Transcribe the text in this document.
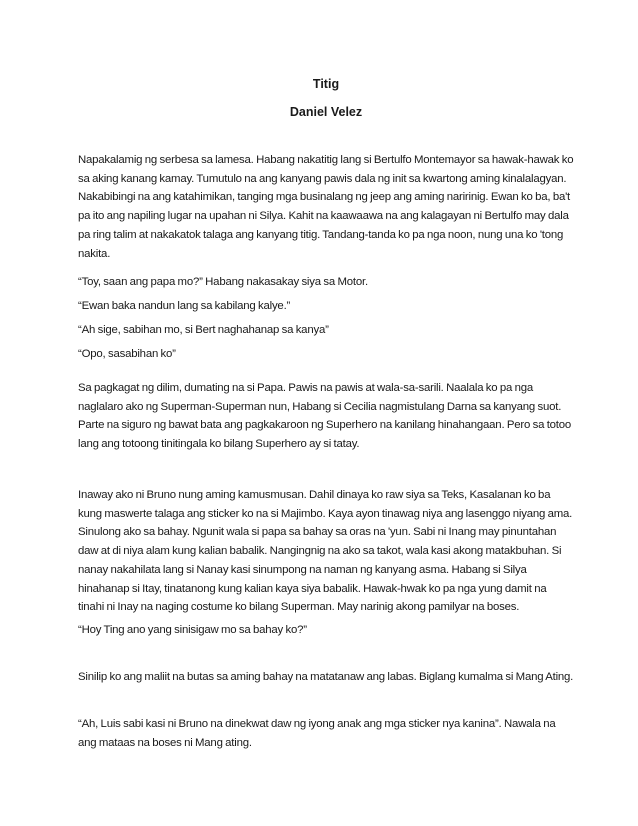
Titig
Daniel Velez
Napakalamig ng serbesa sa lamesa. Habang nakatitig lang si Bertulfo Montemayor sa hawak-hawak ko sa aking kanang kamay. Tumutulo na ang kanyang pawis dala ng init sa kwartong aming kinalalagyan. Nakabibingi na ang katahimikan, tanging mga businalang ng jeep ang aming naririnig. Ewan ko ba, ba't pa ito ang napiling lugar na upahan ni Silya. Kahit na kaawaawa na ang kalagayan ni Bertulfo may dala pa ring talim at nakakatok talaga ang kanyang titig. Tandang-tanda ko pa nga noon, nung una ko 'tong nakita.
“Toy, saan ang papa mo?” Habang nakasakay siya sa Motor.
“Ewan baka nandun lang sa kabilang kalye.”
“Ah sige, sabihan mo, si Bert naghahanap sa kanya”
“Opo, sasabihan ko”
Sa pagkagat ng dilim, dumating na si Papa. Pawis na pawis at wala-sa-sarili. Naalala ko pa nga naglalaro ako ng Superman-Superman nun, Habang si Cecilia nagmistulang Darna sa kanyang suot. Parte na siguro ng bawat bata ang pagkakaroon ng Superhero na kanilang hinahangaan. Pero sa totoo lang ang totoong tinitingala ko bilang Superhero ay si tatay.
Inaway ako ni Bruno nung aming kamusmusan. Dahil dinaya ko raw siya sa Teks, Kasalanan ko ba kung maswerte talaga ang sticker ko na si Majimbo. Kaya ayon tinawag niya ang lasenggo niyang ama. Sinulong ako sa bahay. Ngunit wala si papa sa bahay sa oras na 'yun. Sabi ni Inang may pinuntahan daw at di niya alam kung kalian babalik. Nangingnig na ako sa takot, wala kasi akong matakbuhan. Si nanay nakahilata lang si Nanay kasi sinumpong na naman ng kanyang asma. Habang si Silya hinahanap si Itay, tinatanong kung kalian kaya siya babalik. Hawak-hwak ko pa nga yung damit na tinahi ni Inay na naging costume ko bilang Superman. May narinig akong pamilyar na boses.
“Hoy Ting ano yang sinisigaw mo sa bahay ko?”
Sinilip ko ang maliit na butas sa aming bahay na matatanaw ang labas. Biglang kumalma si Mang Ating.
“Ah, Luis sabi kasi ni Bruno na dinekwat daw ng iyong anak ang mga sticker nya kanina”. Nawala na ang mataas na boses ni Mang ating.
